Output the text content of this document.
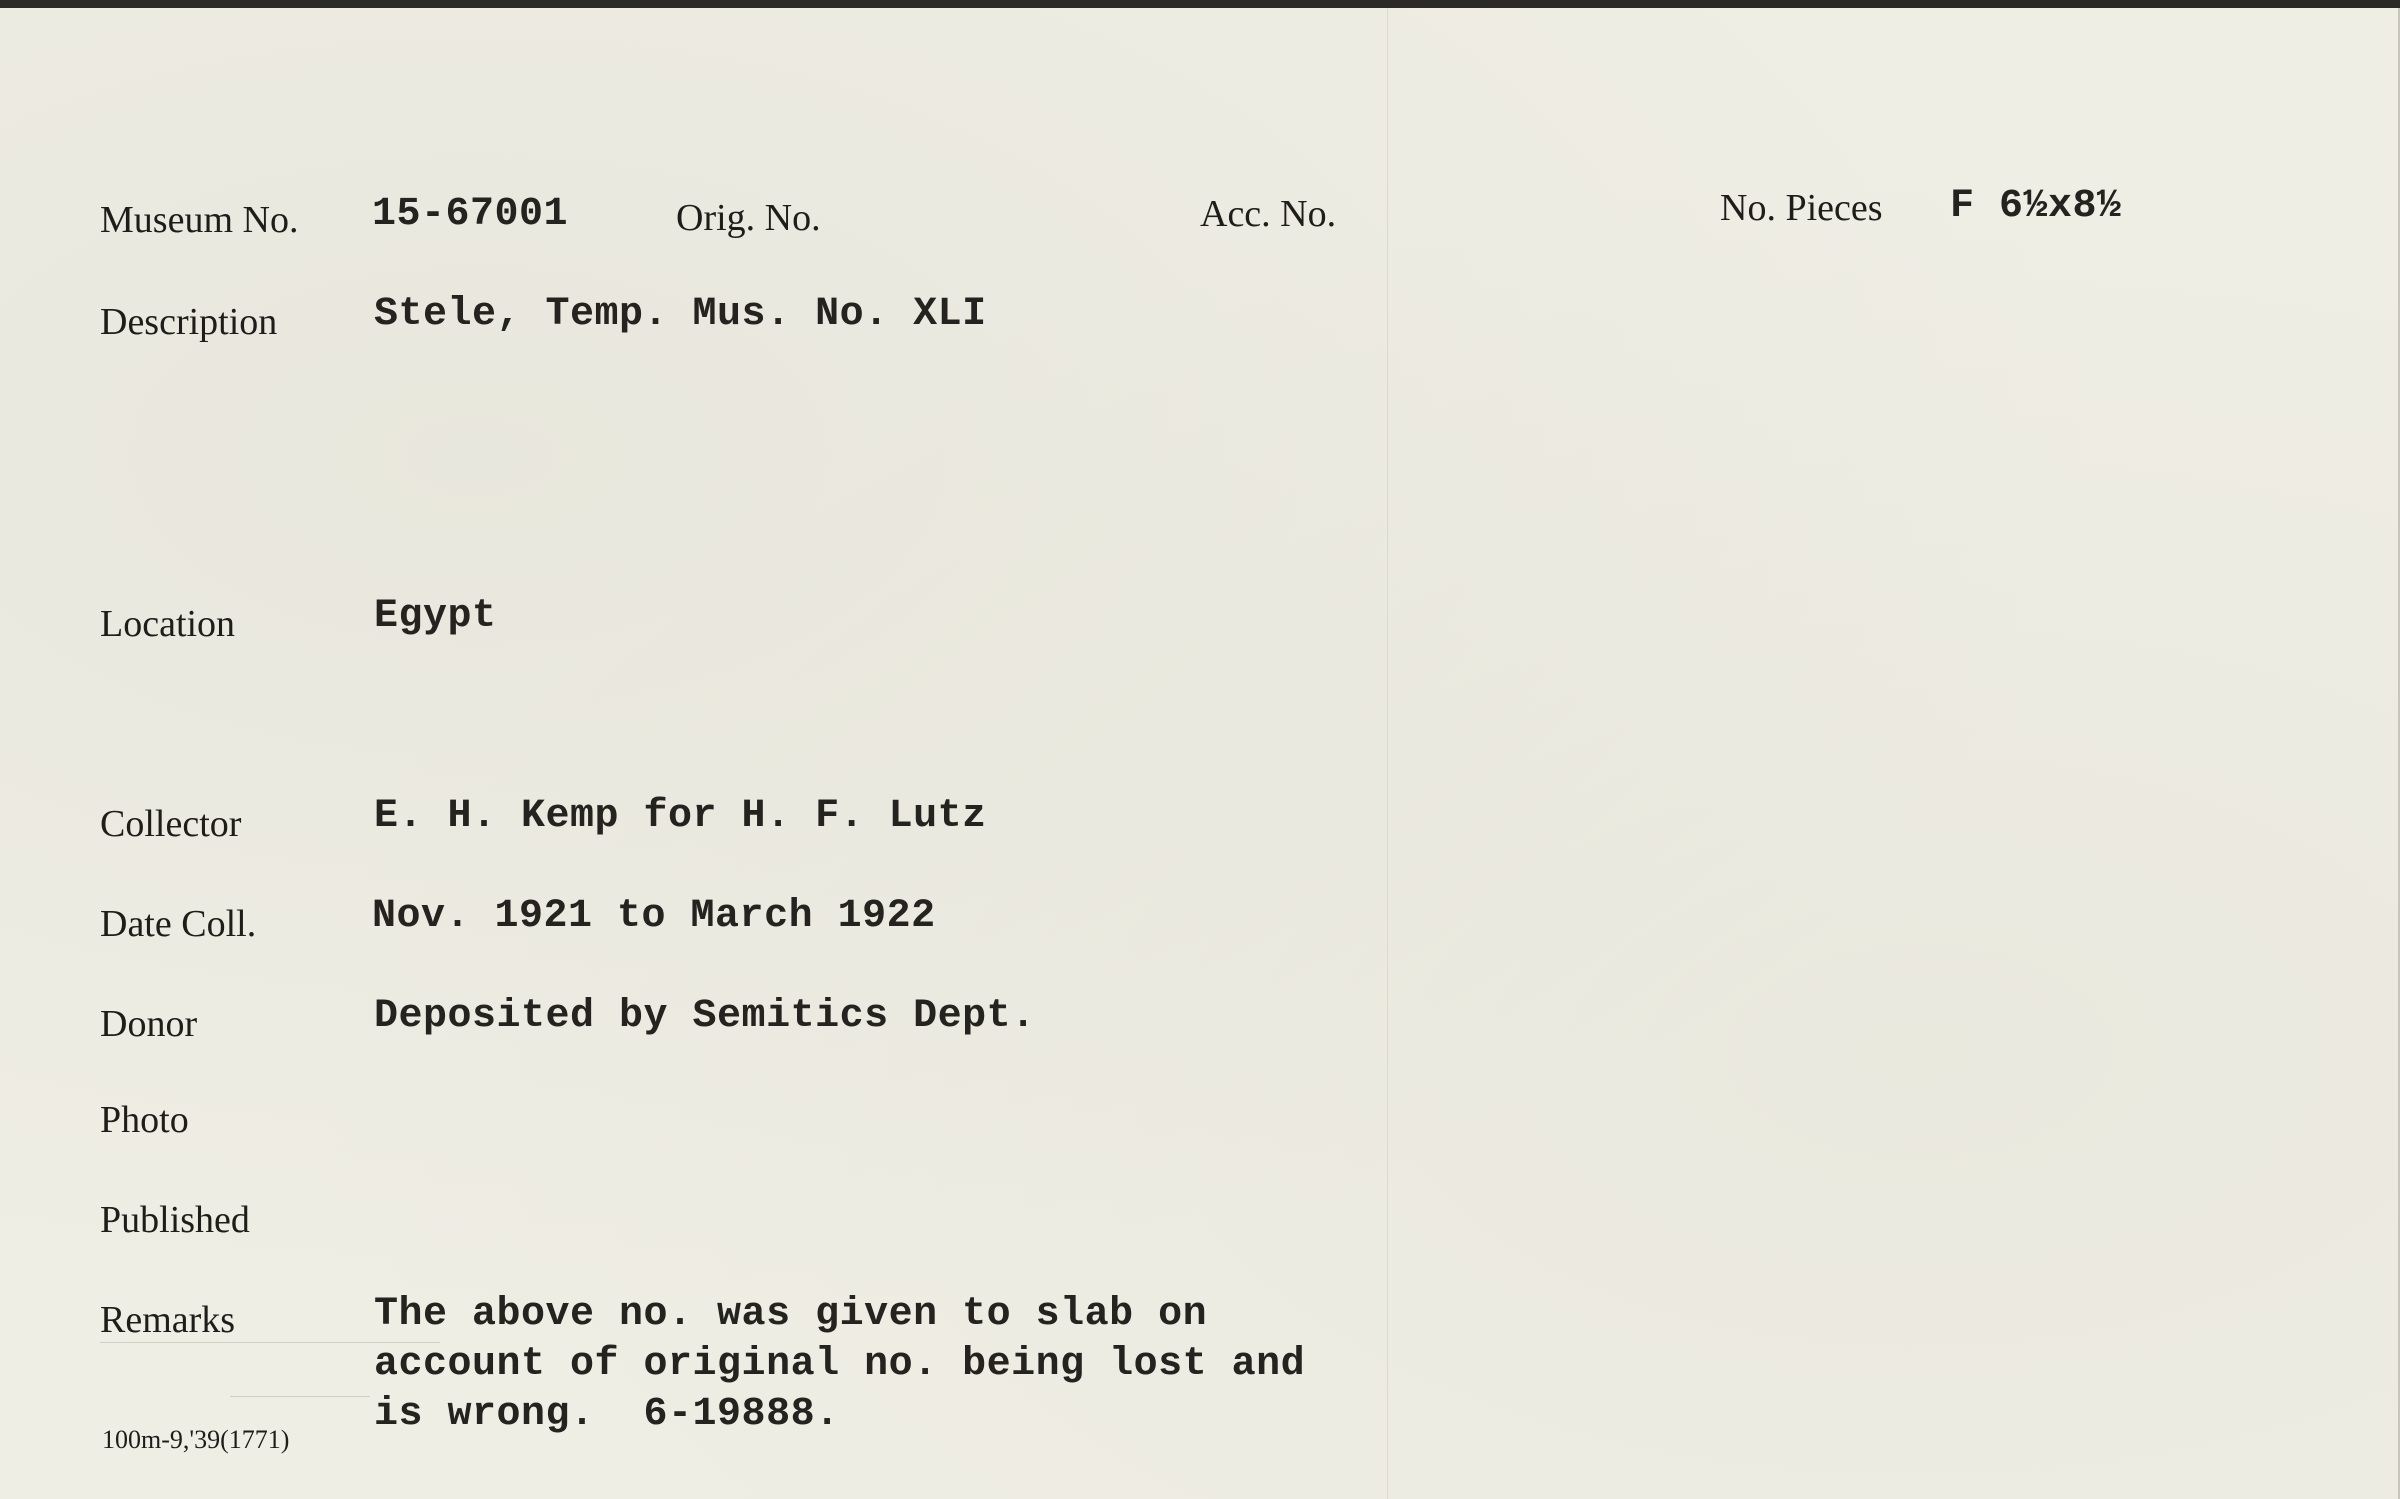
Museum No. 15-67001	Orig. No.	Acc. No.	No. Pieces F 6½x8½
Description Stele, Temp. Mus. No. XLI
Location	Egypt
Collector	E. H. Kemp for H. F. Lutz
Date Coll.	Nov. 1921 to March 1922
Donor	Deposited by Semitics Dept.
Photo
Published
Remarks	The above no. was given to slab on
account of original no. being lost and
is wrong.  6-19888.
100m-9,'39(1771)
